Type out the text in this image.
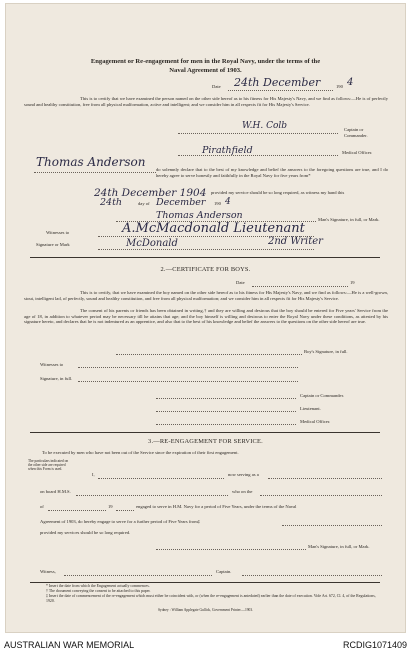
Engagement or Re-engagement for men in the Royal Navy, under the terms of the
Naval Agreement of 1903.
Date 24th December	190 4
This is to certify that we have examined the person named on the other side hereof as to his fitness for His Majesty's Navy, and we find as follows:—He is of perfectly sound and healthy constitution, free from all physical malformation, active and intelligent; and we consider him in all respects fit for His Majesty's Service.
W.H. Colb	Captain or Commander.
Pirathfield	Medical Officer.
Thomas Anderson
do solemnly declare that to the best of my knowledge and belief the answers to the foregoing questions are true, and I do hereby agree to serve honestly and faithfully in the Royal Navy for five years from*
24th December 1904 provided my service should be so long required, as witness my hand this
24th	day of December 190 4
Thomas Anderson	Man's Signature, in full, or Mark.
Witnesses to
Signature or Mark
A.McMacdonald Lieutenant
McDonald	2nd Writer
2.—CERTIFICATE FOR BOYS.
Date	19
This is to certify, that we have examined the boy named on the other side hereof as to his fitness for His Majesty's Navy, and we find as follows:—He is a well-grown, stout, intelligent lad, of perfectly, sound and healthy constitution, and free from all physical malformation; and we consider him in all respects fit for His Majesty's Service.
The consent of his parents or friends has been obtained in writing,† and they are willing and desirous that the boy should be entered for Five years' Service from the age of 18, in addition to whatever period may be necessary till he attains that age; and the boy himself is willing and desirous to enter the Royal Navy under these conditions, as attested by his signature hereto, and declares that he is not indentured as an apprentice, and also that to the best of his knowledge and belief the answers to the questions on the other side hereof are true.
Boy's Signature, in full.
Witnesses to
Signature, in full.
Captain or Commander.
Lieutenant.
Medical Officer.
3.—RE-ENGAGEMENT FOR SERVICE.
To be executed by men who have not been out of the Service since the expiration of their first engagement.
The particulars indicated on the other side are required when this Form is used.
I,	now serving as a
on board H.M.S.	who on the
of	19	engaged to serve in H.M. Navy for a period of Five Years, under the terms of the Naval
Agreement of 1903, do hereby engage to serve for a further period of Five Years from‡
provided my services should be so long required.
Man's Signature, in full, or Mark.
Witness,	Captain.
* Insert the date from which the Engagement actually commences.
† The document conveying the consent to be attached to this paper.
‡ Insert the date of commencement of the re-engagement which must either be coincident with, or (when the re-engagement is antedated) earlier than the date of execution. Vide Art. 672, Cl. 4, of the Regulations, 1920.
Sydney : William Applegate Gullick, Government Printer.—1903.
AUSTRALIAN WAR MEMORIAL	RCDIG1071409
